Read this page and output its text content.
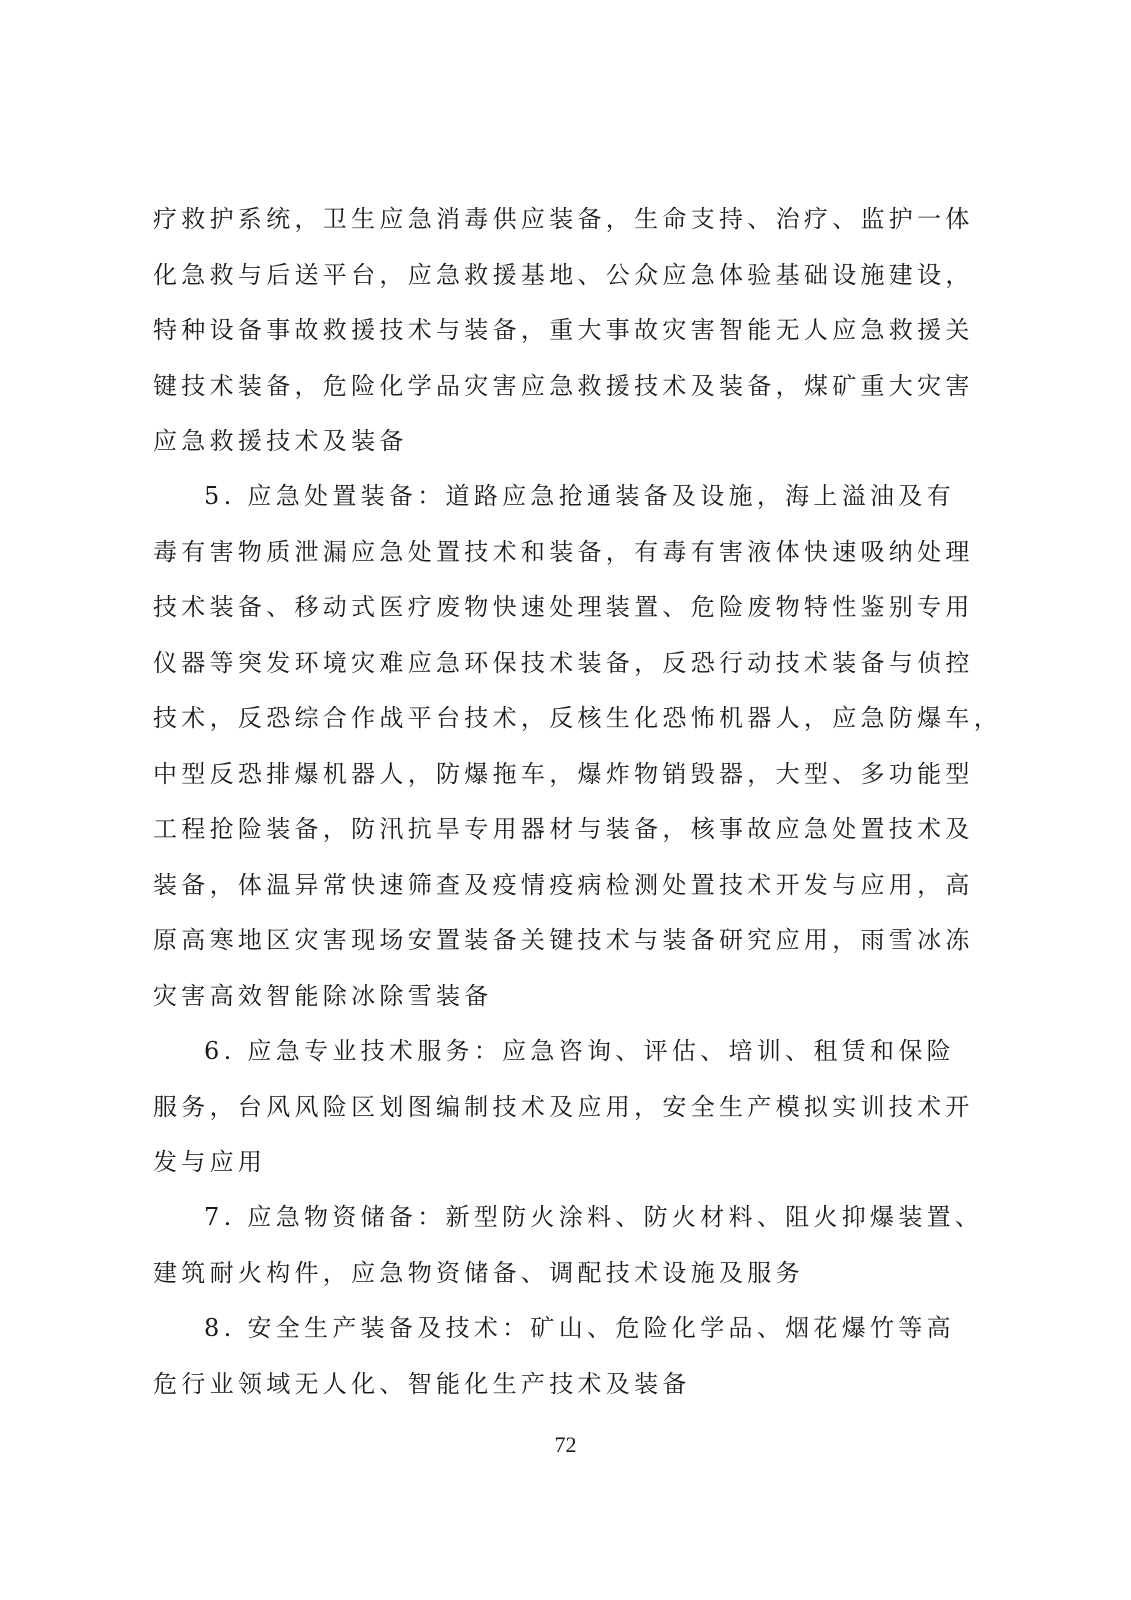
疗救护系统，卫生应急消毒供应装备，生命支持、治疗、监护一体
化急救与后送平台，应急救援基地、公众应急体验基础设施建设，
特种设备事故救援技术与装备，重大事故灾害智能无人应急救援关
键技术装备，危险化学品灾害应急救援技术及装备，煤矿重大灾害
应急救援技术及装备
5. 应急处置装备：道路应急抢通装备及设施，海上溢油及有
毒有害物质泄漏应急处置技术和装备，有毒有害液体快速吸纳处理
技术装备、移动式医疗废物快速处理装置、危险废物特性鉴别专用
仪器等突发环境灾难应急环保技术装备，反恐行动技术装备与侦控
技术，反恐综合作战平台技术，反核生化恐怖机器人，应急防爆车，
中型反恐排爆机器人，防爆拖车，爆炸物销毁器，大型、多功能型
工程抢险装备，防汛抗旱专用器材与装备，核事故应急处置技术及
装备，体温异常快速筛查及疫情疫病检测处置技术开发与应用，高
原高寒地区灾害现场安置装备关键技术与装备研究应用，雨雪冰冻
灾害高效智能除冰除雪装备
6. 应急专业技术服务：应急咨询、评估、培训、租赁和保险
服务，台风风险区划图编制技术及应用，安全生产模拟实训技术开
发与应用
7. 应急物资储备：新型防火涂料、防火材料、阻火抑爆装置、
建筑耐火构件，应急物资储备、调配技术设施及服务
8. 安全生产装备及技术：矿山、危险化学品、烟花爆竹等高
危行业领域无人化、智能化生产技术及装备
72
